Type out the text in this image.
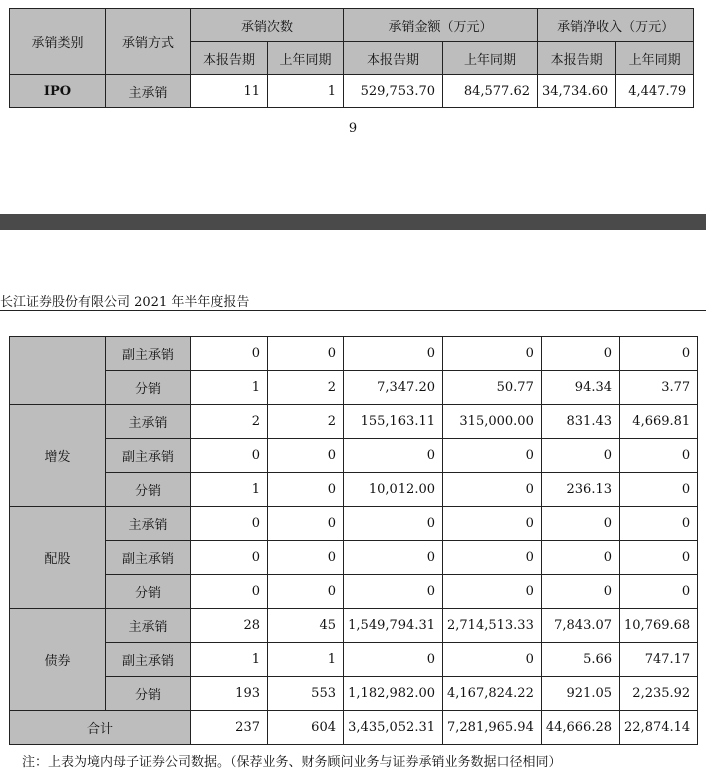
承销类别	承销方式	承销次数		承销金额（万元）		承销净收入（万元）	
		本报告期	上年同期	本报告期	上年同期	本报告期	上年同期
IPO	主承销	11	1	529,753.70	84,577.62	34,734.60	4,447.79
9
长江证券股份有限公司 2021 年半年度报告
	副主承销	0	0	0	0	0	0
	分销	1	2	7,347.20	50.77	94.34	3.77
增发	主承销	2	2	155,163.11	315,000.00	831.43	4,669.81
	副主承销	0	0	0	0	0	0
	分销	1	0	10,012.00	0	236.13	0
配股	主承销	0	0	0	0	0	0
	副主承销	0	0	0	0	0	0
	分销	0	0	0	0	0	0
债券	主承销	28	45	1,549,794.31	2,714,513.33	7,843.07	10,769.68
	副主承销	1	1	0	0	5.66	747.17
	分销	193	553	1,182,982.00	4,167,824.22	921.05	2,235.92
合计		237	604	3,435,052.31	7,281,965.94	44,666.28	22,874.14
注：上表为境内母子证券公司数据。（保荐业务、财务顾问业务与证券承销业务数据口径相同）
